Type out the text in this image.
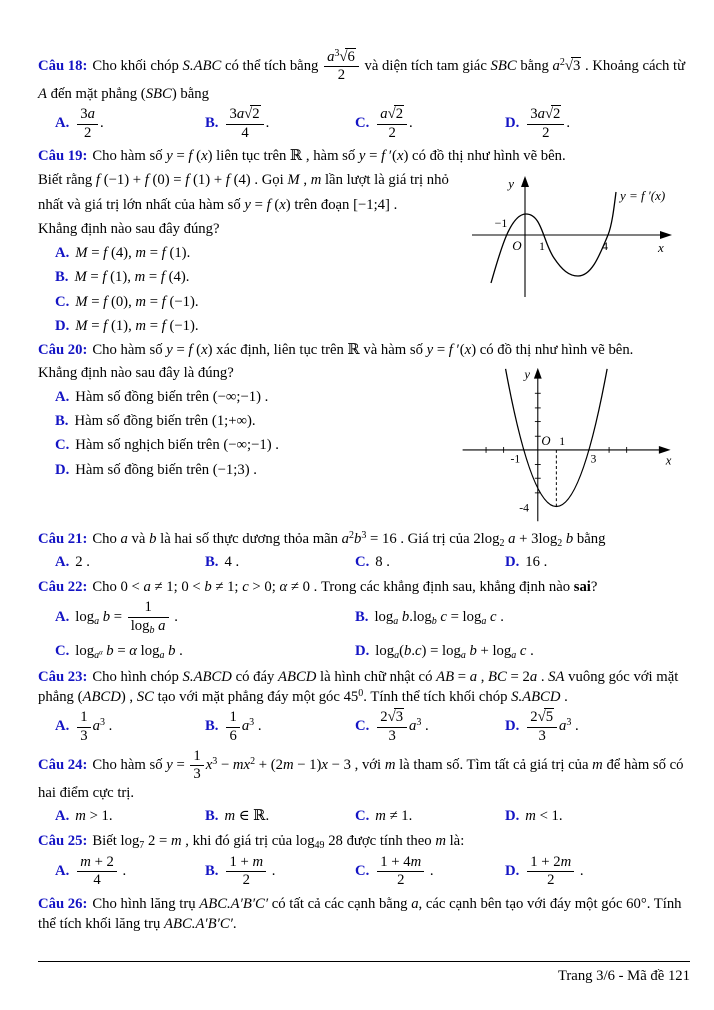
Câu 18: Cho khối chóp S.ABC có thể tích bằng $\frac{a^3√6}{2}$ và diện tích tam giác SBC bằng $a^2√3$ . Khoảng cách từ A đến mặt phẳng (SBC) bằng

A. $\frac{3a}{2}$ .	B. $\frac{3a√2}{4}$ .	C. $\frac{a√2}{2}$ .	D. $\frac{3a√2}{2}$ .

Câu 19: Cho hàm số y = f (x) liên tục trên ℝ , hàm số y = f ′(x) có đồ thị như hình vẽ bên.

y
y = f ′(x)
−1
O 1	4	x

Biết rằng f (−1) + f (0) = f (1) + f (4) . Gọi M , m lần lượt là giá trị nhỏ nhất và giá trị lớn nhất của hàm số y = f (x) trên đoạn [−1;4] .

Khẳng định nào sau đây đúng?

A. M = f (4), m = f (1).
B. M = f (1), m = f (4).
C. M = f (0), m = f (−1).
D. M = f (1), m = f (−1).

Câu 20: Cho hàm số y = f (x) xác định, liên tục trên ℝ và hàm số y = f ′(x) có đồ thị như hình vẽ bên.

Khẳng định nào sau đây là đúng?

A. Hàm số đồng biến trên (−∞;−1) .
B. Hàm số đồng biến trên (1;+∞).
C. Hàm số nghịch biến trên (−∞;−1) .
D. Hàm số đồng biến trên (−1;3) .
y
x
O 1
-1	3
-4

Câu 21: Cho a và b là hai số thực dương thỏa mãn $a^2b^3 = 16$ . Giá trị của $2\log_2$ $a + 3\log_2$ b bằng

A. 2 .	B. 4 .	C. 8 .	D. 16 .

Câu 22: Cho 0 < a ≠ 1; 0 < b ≠ 1; c > 0; α ≠ 0 . Trong các khẳng định sau, khẳng định nào sai?

A. $\log_a b = \frac{1}{\log_b a}$ .	B. $\log_a b.\log_b$ $c = \log_a c$ .
C. $\log_{a^\alpha} b = \alpha$ $\log_a b$ .	D. $\log_a(b.c) = \log_a b + \log_a c$ .

Câu 23: Cho hình chóp S.ABCD có đáy ABCD là hình chữ nhật có AB = a , BC = 2a . SA vuông góc với mặt phẳng (ABCD) , SC tạo với mặt phẳng đáy một góc $45^0$. Tính thể tích khối chóp S.ABCD .

A. $\frac{1}{3} a^3$ .	B. $\frac{1}{6} a^3$ .	C. $\frac{2√3}{3} a^3$ .	D. $\frac{2√5}{3} a^3$ .

Câu 24: Cho hàm số $y = \frac{1}{3} x^3 - mx^2 + (2m - 1)x - 3$ , với m là tham số. Tìm tất cả giá trị của m để hàm số có hai điểm cực trị.

A. m > 1.	B. m ∈ ℝ.	C. m ≠ 1.	D. m < 1.

Câu 25: Biết $\log_7 2 = m$ , khi đó giá trị của $\log_{49} 28$ được tính theo m là:

A. $\frac{m + 2}{4}$ .	B. $\frac{1 + m}{2}$ .	C. $\frac{1 + 4m}{2}$ .	D. $\frac{1 + 2m}{2}$ .

Câu 26: Cho hình lăng trụ ABC.A′B′C′ có tất cả các cạnh bằng a, các cạnh bên tạo với đáy một góc 60°. Tính thể tích khối lăng trụ ABC.A′B′C′.

Trang 3/6 - Mã đề 121
